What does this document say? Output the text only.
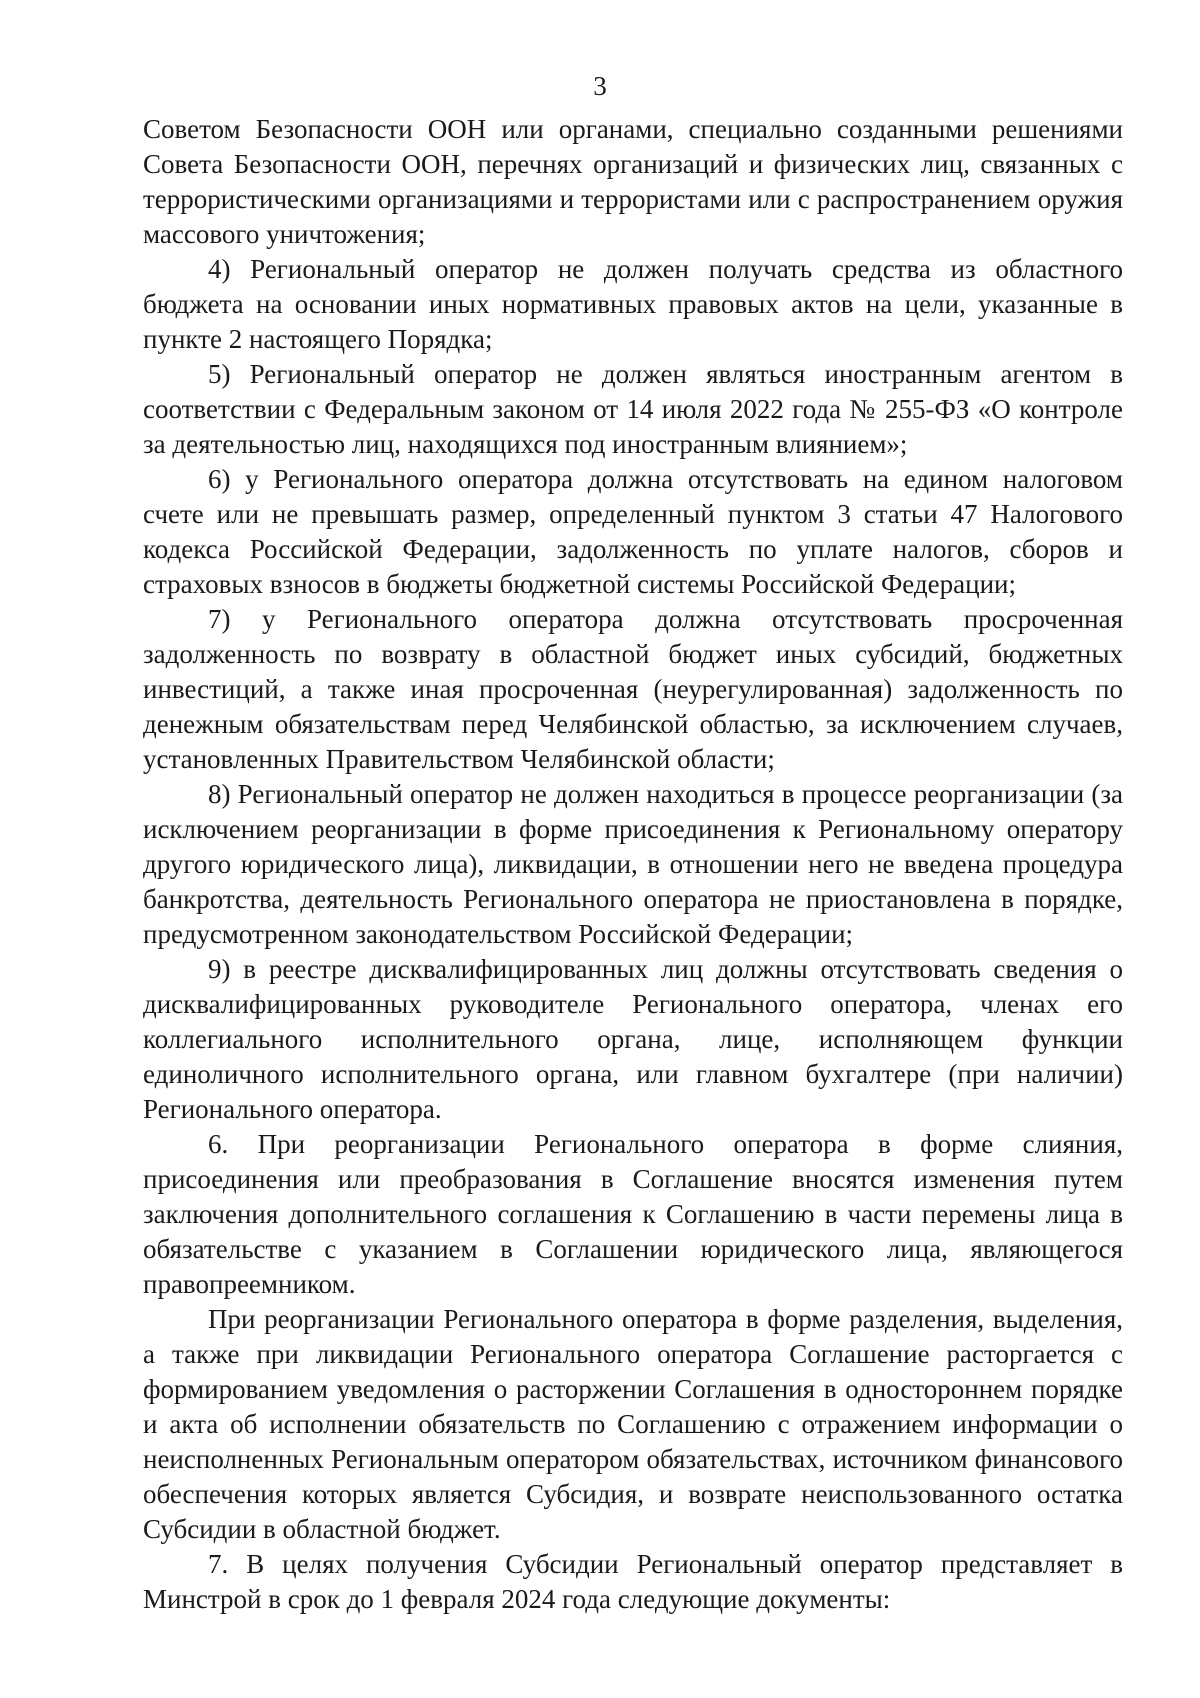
3

Советом Безопасности ООН или органами, специально созданными решениями Совета Безопасности ООН, перечнях организаций и физических лиц, связанных с террористическими организациями и террористами или с распространением оружия массового уничтожения;

4) Региональный оператор не должен получать средства из областного бюджета на основании иных нормативных правовых актов на цели, указанные в пункте 2 настоящего Порядка;

5) Региональный оператор не должен являться иностранным агентом в соответствии с Федеральным законом от 14 июля 2022 года № 255-ФЗ «О контроле за деятельностью лиц, находящихся под иностранным влиянием»;

6) у Регионального оператора должна отсутствовать на едином налоговом счете или не превышать размер, определенный пунктом 3 статьи 47 Налогового кодекса Российской Федерации, задолженность по уплате налогов, сборов и страховых взносов в бюджеты бюджетной системы Российской Федерации;

7) у Регионального оператора должна отсутствовать просроченная задолженность по возврату в областной бюджет иных субсидий, бюджетных инвестиций, а также иная просроченная (неурегулированная) задолженность по денежным обязательствам перед Челябинской областью, за исключением случаев, установленных Правительством Челябинской области;

8) Региональный оператор не должен находиться в процессе реорганизации (за исключением реорганизации в форме присоединения к Региональному оператору другого юридического лица), ликвидации, в отношении него не введена процедура банкротства, деятельность Регионального оператора не приостановлена в порядке, предусмотренном законодательством Российской Федерации;

9) в реестре дисквалифицированных лиц должны отсутствовать сведения о дисквалифицированных руководителе Регионального оператора, членах его коллегиального исполнительного органа, лице, исполняющем функции единоличного исполнительного органа, или главном бухгалтере (при наличии) Регионального оператора.

6. При реорганизации Регионального оператора в форме слияния, присоединения или преобразования в Соглашение вносятся изменения путем заключения дополнительного соглашения к Соглашению в части перемены лица в обязательстве с указанием в Соглашении юридического лица, являющегося правопреемником.

При реорганизации Регионального оператора в форме разделения, выделения, а также при ликвидации Регионального оператора Соглашение расторгается с формированием уведомления о расторжении Соглашения в одностороннем порядке и акта об исполнении обязательств по Соглашению с отражением информации о неисполненных Региональным оператором обязательствах, источником финансового обеспечения которых является Субсидия, и возврате неиспользованного остатка Субсидии в областной бюджет.

7. В целях получения Субсидии Региональный оператор представляет в Минстрой в срок до 1 февраля 2024 года следующие документы:
